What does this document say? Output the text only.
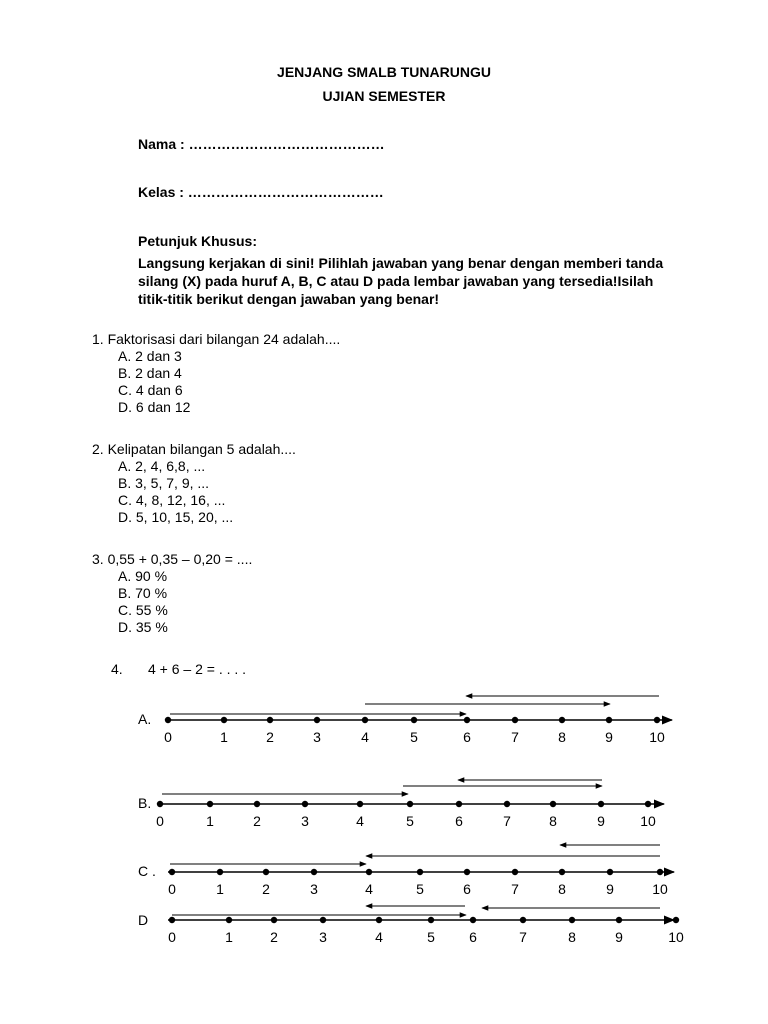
JENJANG SMALB TUNARUNGU
UJIAN SEMESTER
Nama : ……………………………………
Kelas : ……………………………………
Petunjuk Khusus:
Langsung kerjakan di sini! Pilihlah jawaban yang benar dengan memberi tanda silang (X) pada huruf A, B, C atau D pada lembar jawaban yang tersedia!Isilah titik-titik berikut dengan jawaban yang benar!
1. Faktorisasi dari bilangan 24 adalah....
A. 2 dan 3
B. 2 dan 4
C. 4 dan 6
D. 6 dan 12
2. Kelipatan bilangan 5 adalah....
A. 2, 4, 6,8, ...
B. 3, 5, 7, 9, ...
C. 4, 8, 12, 16, ...
D. 5, 10, 15, 20, ...
3. 0,55 + 0,35 – 0,20 = ....
A. 90 %
B. 70 %
C. 55 %
D. 35 %
4. 4 + 6 – 2 = . . . .
A.
0	1	2	3	4	5	6	7	8	9	10
B.
0	1	2	3	4	5	6	7	8	9	10
C .
0	1	2	3	4	5	6	7	8	9	10
D
0	1	2	3	4	5 6	7	8	9	10
